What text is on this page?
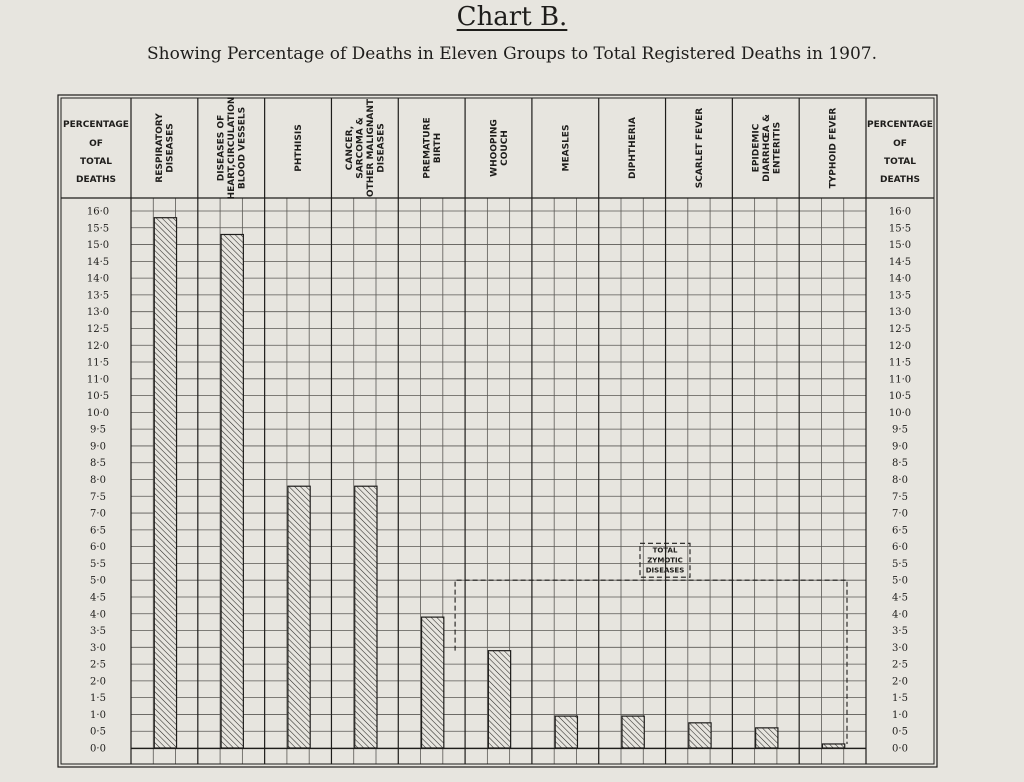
Chart B.
Showing Percentage of Deaths in Eleven Groups to Total Registered Deaths in 1907.
PERCENTAGE
OF
TOTAL
DEATHS
PERCENTAGE
OF
TOTAL
DEATHS
RESPIRATORY DISEASES	DISEASES OF HEART,CIRCULATION BLOOD VESSELS	PHTHISIS	CANCER, SARCOMA & OTHER MALIGNANT DISEASES	PREMATURE BIRTH	WHOOPING COUCH	MEASLES	DIPHTHERIA	SCARLET FEVER	EPIDEMIC DIARRHŒA & ENTERITIS	TYPHOID FEVER
0·0	0·0
0·5	0·5
1·0	1·0
1·5	1·5
2·0	2·0
2·5	2·5
3·0	3·0
3·5	3·5
4·0	4·0
4·5	4·5
5·0	5·0
5·5	5·5
6·0	6·0
6·5	6·5
7·0	7·0
7·5	7·5
8·0	8·0
8·5	8·5
9·0	9·0
9·5	9·5
10·0	10·0
10·5	10·5
11·0	11·0
11·5	11·5
12·0	12·0
12·5	12·5
13·0	13·0
13·5	13·5
14·0	14·0
14·5	14·5
15·0	15·0
15·5	15·5
16·0	16·0
TOTAL
ZYMOTIC
DISEASES
